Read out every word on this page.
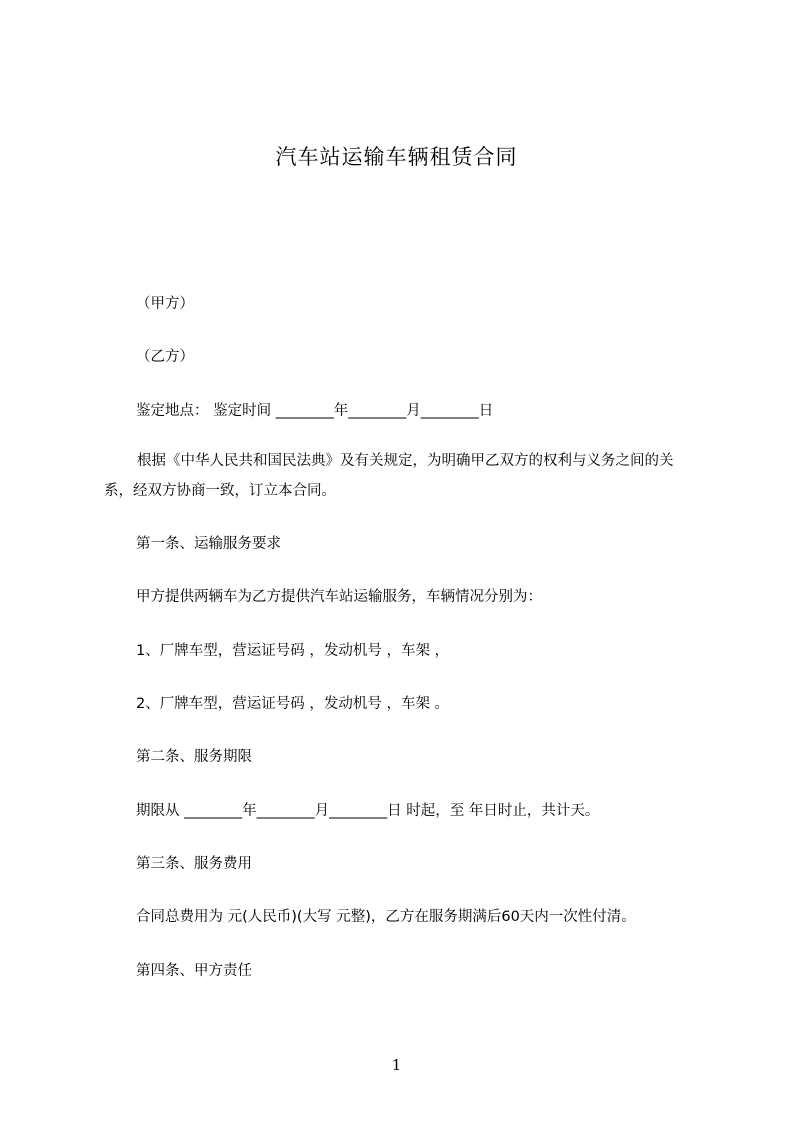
汽车站运输车辆租赁合同
（甲方）
（乙方）
鉴定地点： 鉴定时间 ________年________月________日
根据《中华人民共和国民法典》及有关规定，为明确甲乙双方的权利与义务之间的关系，经双方协商一致，订立本合同。
第一条、运输服务要求
甲方提供两辆车为乙方提供汽车站运输服务，车辆情况分别为：
1、厂牌车型，营运证号码 ，发动机号 ，车架 ，
2、厂牌车型，营运证号码 ，发动机号 ，车架 。
第二条、服务期限
期限从 ________年________月________日 时起，至 年日时止，共计天。
第三条、服务费用
合同总费用为 元(人民币)(大写 元整)，乙方在服务期满后60天内一次性付清。
第四条、甲方责任
1
